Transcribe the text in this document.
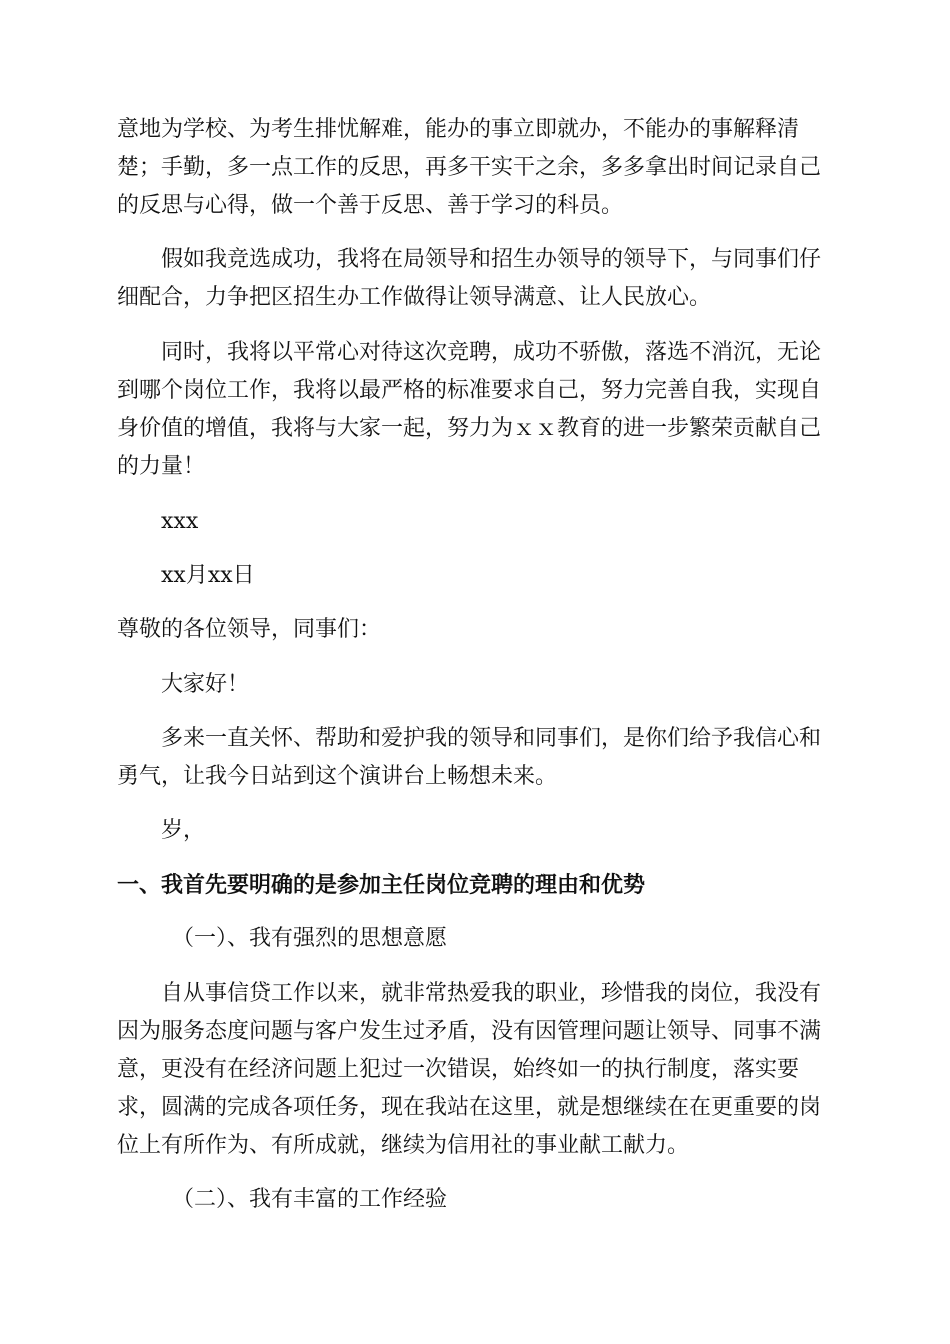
意地为学校、为考生排忧解难，能办的事立即就办，不能办的事解释清
楚；手勤，多一点工作的反思，再多干实干之余，多多拿出时间记录自己
的反思与心得，做一个善于反思、善于学习的科员。
假如我竞选成功，我将在局领导和招生办领导的领导下，与同事们仔
细配合，力争把区招生办工作做得让领导满意、让人民放心。
同时，我将以平常心对待这次竞聘，成功不骄傲，落选不消沉，无论
到哪个岗位工作，我将以最严格的标准要求自己，努力完善自我，实现自
身价值的增值，我将与大家一起，努力为ｘｘ教育的进一步繁荣贡献自己
的力量！
xxx
xx月xx日
尊敬的各位领导，同事们：
大家好！
多来一直关怀、帮助和爱护我的领导和同事们，是你们给予我信心和
勇气，让我今日站到这个演讲台上畅想未来。
岁，
一、我首先要明确的是参加主任岗位竞聘的理由和优势
（一）、我有强烈的思想意愿
自从事信贷工作以来，就非常热爱我的职业，珍惜我的岗位，我没有
因为服务态度问题与客户发生过矛盾，没有因管理问题让领导、同事不满
意，更没有在经济问题上犯过一次错误，始终如一的执行制度，落实要
求，圆满的完成各项任务，现在我站在这里，就是想继续在在更重要的岗
位上有所作为、有所成就，继续为信用社的事业献工献力。
（二）、我有丰富的工作经验
